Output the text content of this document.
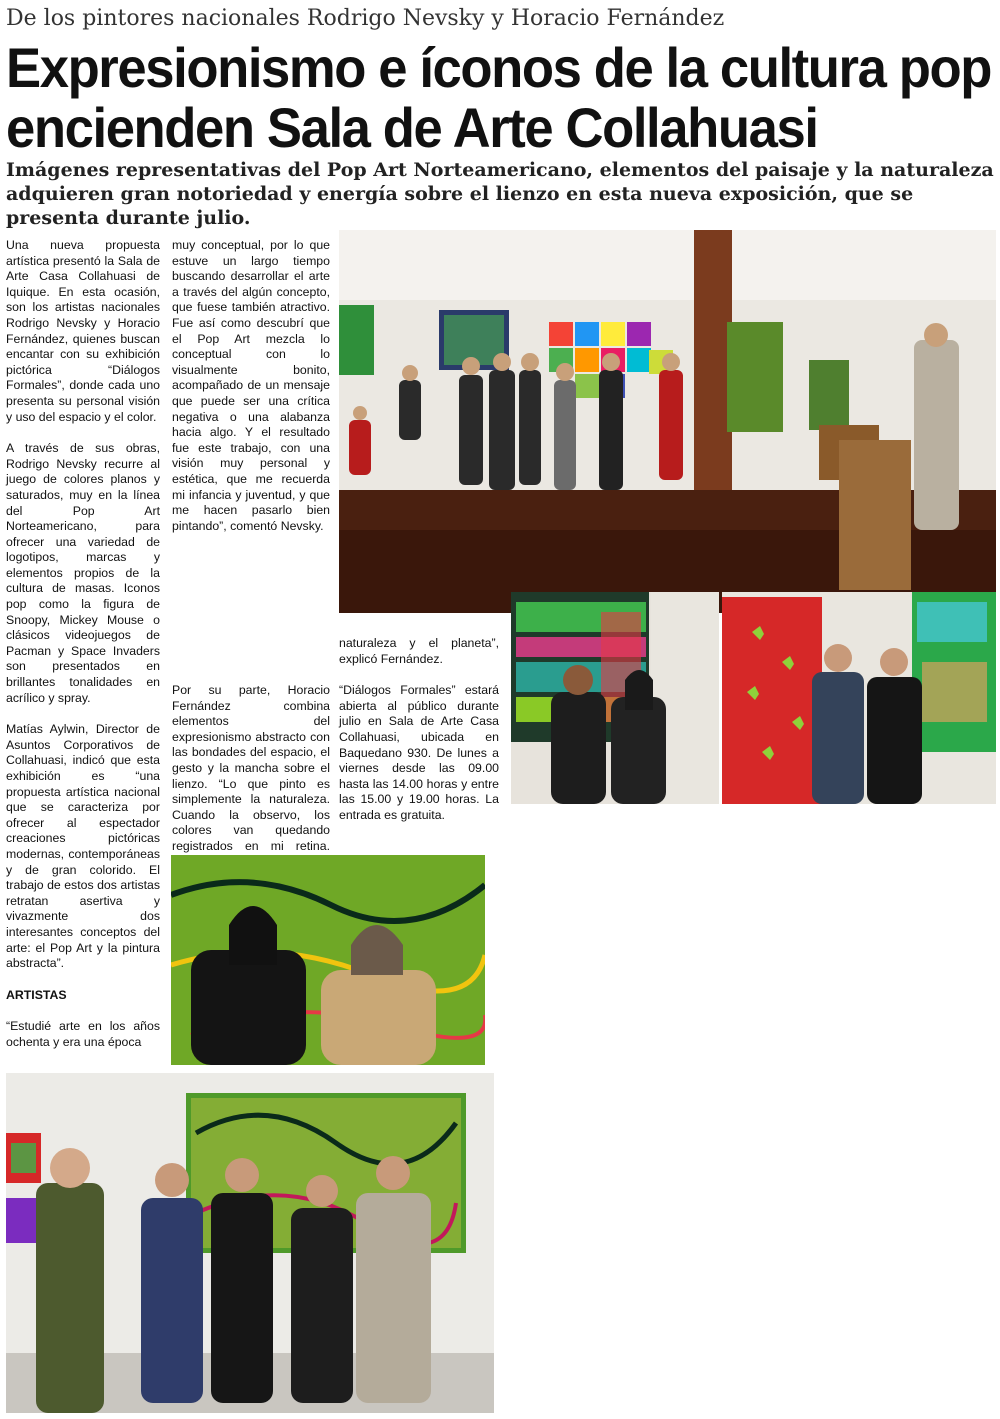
De los pintores nacionales Rodrigo Nevsky y Horacio Fernández
Expresionismo e íconos de la cultura pop
encienden Sala de Arte Collahuasi
Imágenes representativas del Pop Art Norteamericano, elementos del paisaje y la naturaleza adquieren gran notoriedad y energía sobre el lienzo en esta nueva exposición, que se presenta durante julio.

Una nueva propuesta artística presentó la Sala de Arte Casa Collahuasi de Iquique. En esta ocasión, son los artistas nacionales Rodrigo Nevsky y Horacio Fernández, quienes buscan encantar con su exhibición pictórica “Diálogos Formales”, donde cada uno presenta su personal visión y uso del espacio y el color.

A través de sus obras, Rodrigo Nevsky recurre al juego de colores planos y saturados, muy en la línea del Pop Art Norteamericano, para ofrecer una variedad de logotipos, marcas y elementos propios de la cultura de masas. Iconos pop como la figura de Snoopy, Mickey Mouse o clásicos videojuegos de Pacman y Space Invaders son presentados en brillantes tonalidades en acrílico y spray.

Matías Aylwin, Director de Asuntos Corporativos de Collahuasi, indicó que esta exhibición es “una propuesta artística nacional que se caracteriza por ofrecer al espectador creaciones pictóricas modernas, contemporáneas y de gran colorido. El trabajo de estos dos artistas retratan asertiva y vivazmente dos interesantes conceptos del arte: el Pop Art y la pintura abstracta”.

ARTISTAS

“Estudié arte en los años ochenta y era una época

muy conceptual, por lo que estuve un largo tiempo buscando desarrollar el arte a través del algún concepto, que fuese también atractivo. Fue así como descubrí que el Pop Art mezcla lo conceptual con lo visualmente bonito, acompañado de un mensaje que puede ser una crítica negativa o una alabanza hacia algo. Y el resultado fue este trabajo, con una visión muy personal y estética, que me recuerda mi infancia y juventud, y que me hacen pasarlo bien pintando”, comentó Nevsky.

Por su parte, Horacio Fernández combina elementos del expresionismo abstracto con las bondades del espacio, el gesto y la mancha sobre el lienzo. “Lo que pinto es simplemente la naturaleza. Cuando la observo, los colores van quedando registrados en mi retina.

naturaleza y el planeta”, explicó Fernández.

“Diálogos Formales” estará abierta al público durante julio en Sala de Arte Casa Collahuasi, ubicada en Baquedano 930. De lunes a viernes desde las 09.00 hasta las 14.00 horas y entre las 15.00 y 19.00 horas. La entrada es gratuita.
